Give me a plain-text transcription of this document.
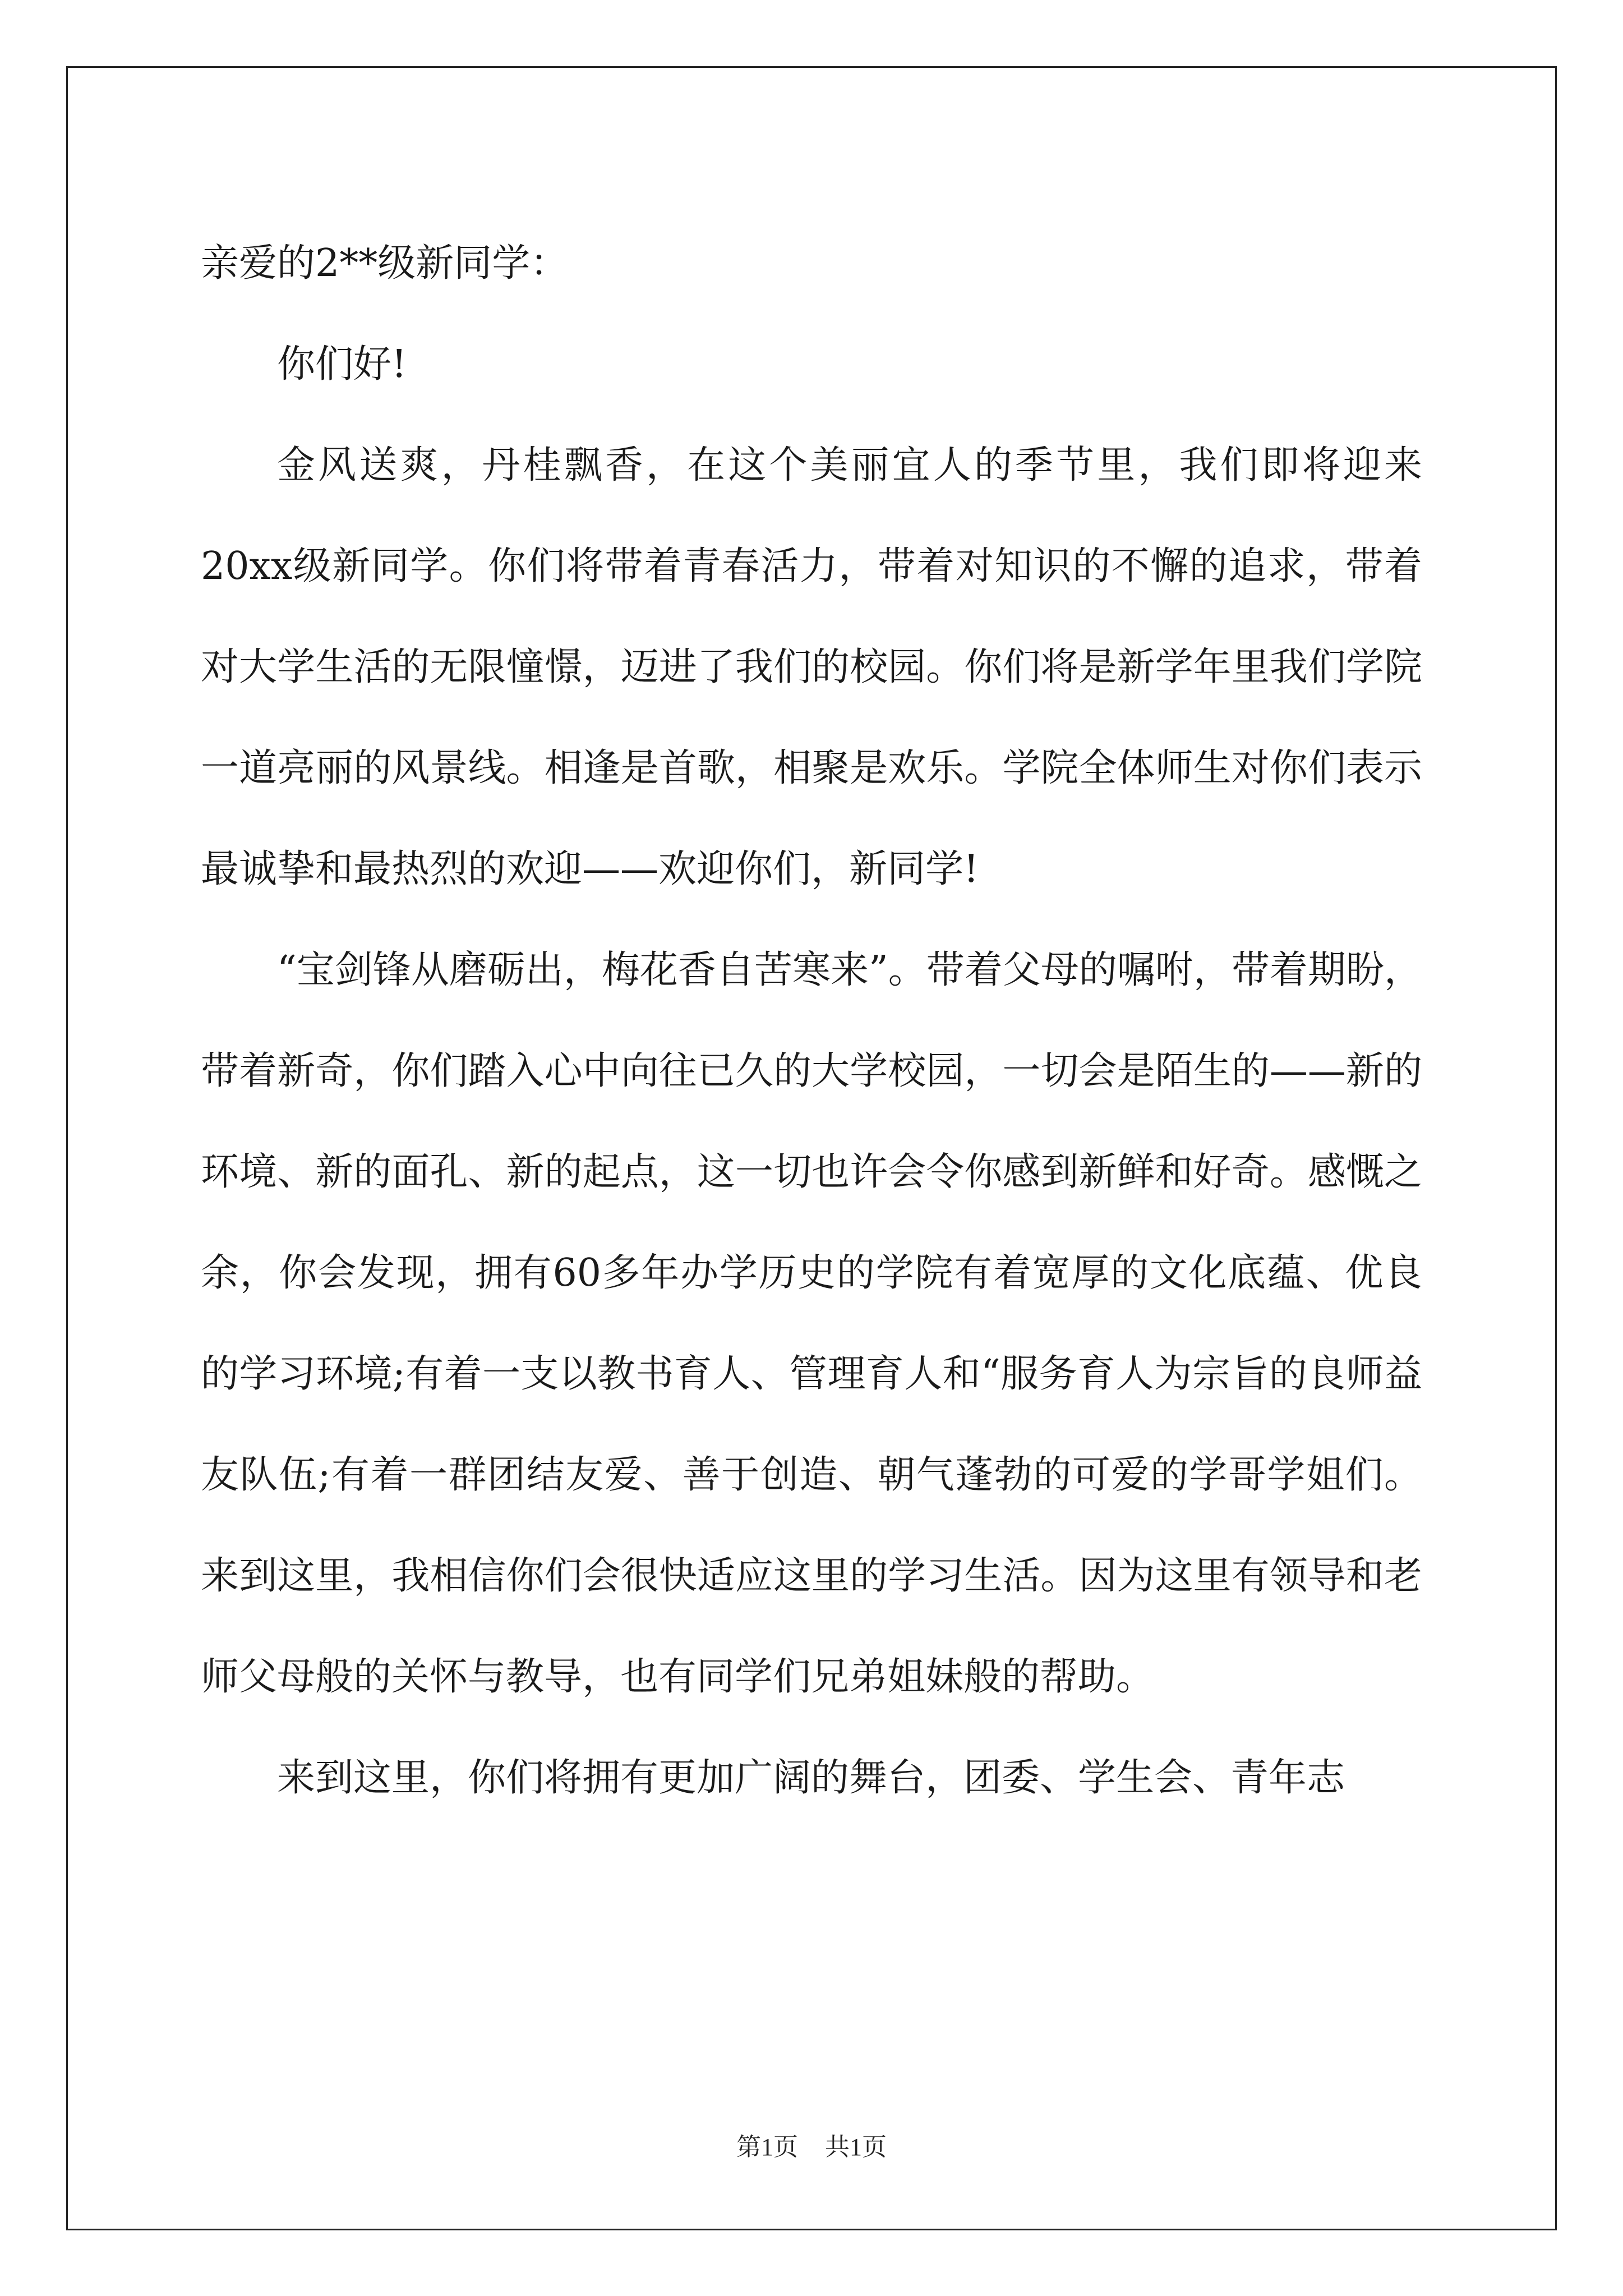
亲爱的2**级新同学：

你们好!

金风送爽，丹桂飘香，在这个美丽宜人的季节里，我们即将迎来20xx级新同学。你们将带着青春活力，带着对知识的不懈的追求，带着对大学生活的无限憧憬，迈进了我们的校园。你们将是新学年里我们学院一道亮丽的风景线。相逢是首歌，相聚是欢乐。学院全体师生对你们表示最诚挚和最热烈的欢迎——欢迎你们，新同学!

“宝剑锋从磨砺出，梅花香自苦寒来”。带着父母的嘱咐，带着期盼，带着新奇，你们踏入心中向往已久的大学校园，一切会是陌生的——新的环境、新的面孔、新的起点，这一切也许会令你感到新鲜和好奇。感慨之余，你会发现，拥有60多年办学历史的学院有着宽厚的文化底蕴、优良的学习环境;有着一支以教书育人、管理育人和“服务育人为宗旨的良师益友队伍;有着一群团结友爱、善于创造、朝气蓬勃的可爱的学哥学姐们。来到这里，我相信你们会很快适应这里的学习生活。因为这里有领导和老师父母般的关怀与教导，也有同学们兄弟姐妹般的帮助。

来到这里，你们将拥有更加广阔的舞台，团委、学生会、青年志

第1页 共1页
